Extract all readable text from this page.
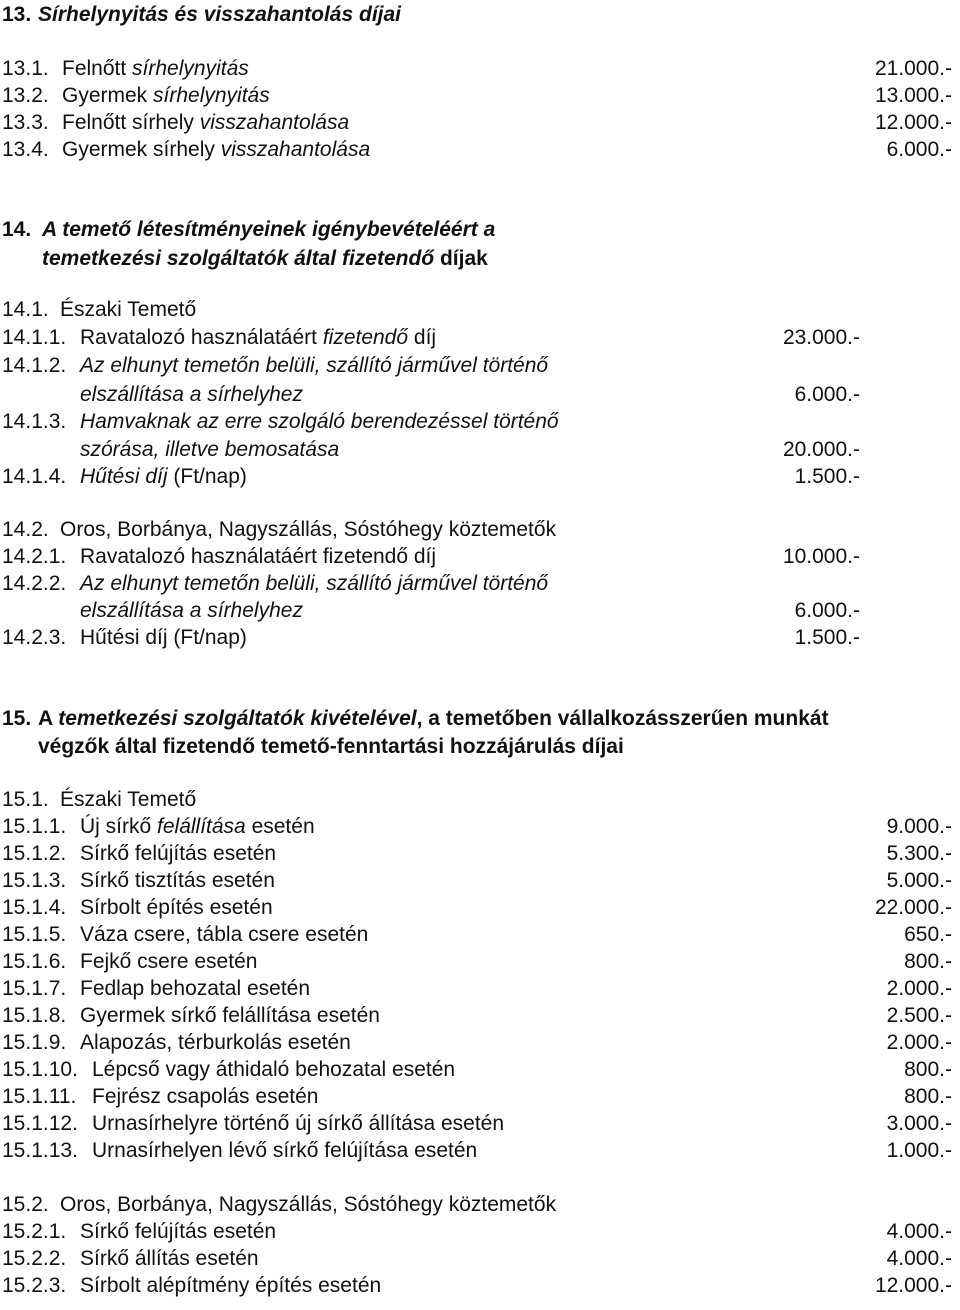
13. Sírhelynyitás és visszahantolás díjai
13.1. Felnőtt sírhelynyitás	21.000.-
13.2. Gyermek sírhelynyitás	13.000.-
13.3. Felnőtt sírhely visszahantolása	12.000.-
13.4. Gyermek sírhely visszahantolása	6.000.-
14. A temető létesítményeinek igénybevételéért a
temetkezési szolgáltatók által fizetendő díjak
14.1. Északi Temető
14.1.1. Ravatalozó használatáért fizetendő díj	23.000.-
14.1.2. Az elhunyt temetőn belüli, szállító járművel történő
elszállítása a sírhelyhez	6.000.-
14.1.3. Hamvaknak az erre szolgáló berendezéssel történő
szórása, illetve bemosatása	20.000.-
14.1.4. Hűtési díj (Ft/nap)	1.500.-
14.2. Oros, Borbánya, Nagyszállás, Sóstóhegy köztemetők
14.2.1. Ravatalozó használatáért fizetendő díj	10.000.-
14.2.2. Az elhunyt temetőn belüli, szállító járművel történő
elszállítása a sírhelyhez	6.000.-
14.2.3. Hűtési díj (Ft/nap)	1.500.-
15. A temetkezési szolgáltatók kivételével, a temetőben vállalkozásszerűen munkát
végzők által fizetendő temető-fenntartási hozzájárulás díjai
15.1. Északi Temető
15.1.1. Új sírkő felállítása esetén	9.000.-
15.1.2. Sírkő felújítás esetén	5.300.-
15.1.3. Sírkő tisztítás esetén	5.000.-
15.1.4. Sírbolt építés esetén	22.000.-
15.1.5. Váza csere, tábla csere esetén	650.-
15.1.6. Fejkő csere esetén	800.-
15.1.7. Fedlap behozatal esetén	2.000.-
15.1.8. Gyermek sírkő felállítása esetén	2.500.-
15.1.9. Alapozás, térburkolás esetén	2.000.-
15.1.10. Lépcső vagy áthidaló behozatal esetén	800.-
15.1.11. Fejrész csapolás esetén	800.-
15.1.12. Urnasírhelyre történő új sírkő állítása esetén	3.000.-
15.1.13. Urnasírhelyen lévő sírkő felújítása esetén	1.000.-
15.2. Oros, Borbánya, Nagyszállás, Sóstóhegy köztemetők
15.2.1. Sírkő felújítás esetén	4.000.-
15.2.2. Sírkő állítás esetén	4.000.-
15.2.3. Sírbolt alépítmény építés esetén	12.000.-
